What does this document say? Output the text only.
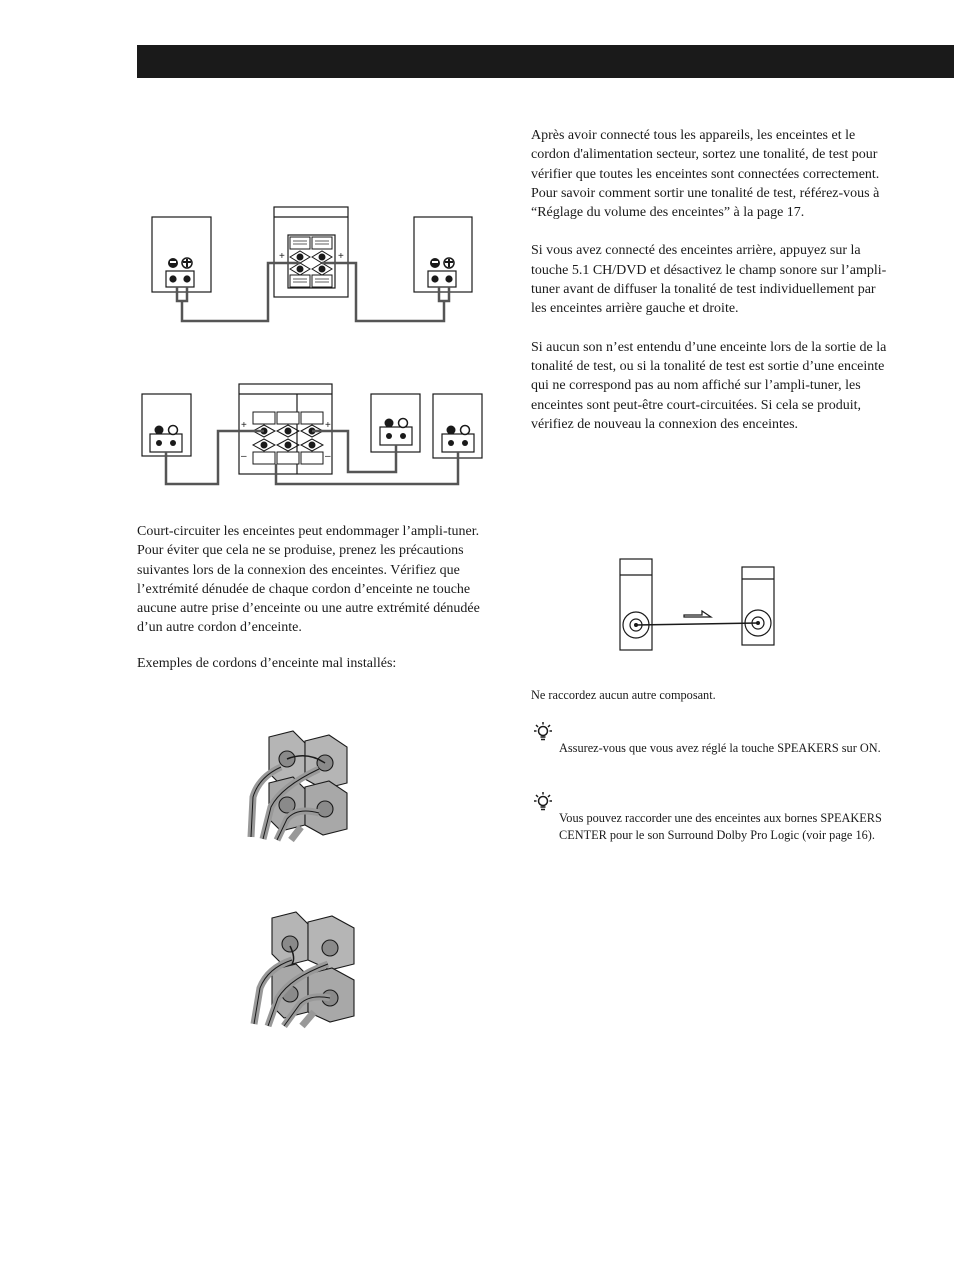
+	+
+	+
–	–

Court-circuiter les enceintes peut endommager l’ampli-tuner. Pour éviter que cela ne se produise, prenez les précautions suivantes lors de la connexion des enceintes. Vérifiez que l’extrémité dénudée de chaque cordon d’enceinte ne touche aucune autre prise d’enceinte ou une autre extrémité dénudée d’un autre cordon d’enceinte.

Exemples de cordons d’enceinte mal installés:

Après avoir connecté tous les appareils, les enceintes et le cordon d'alimentation secteur, sortez une tonalité, de test pour vérifier que toutes les enceintes sont connectées correctement. Pour savoir comment sortir une tonalité de test, référez-vous à “Réglage du volume des enceintes” à la page 17.

Si vous avez connecté des enceintes arrière, appuyez sur la touche 5.1 CH/DVD et désactivez le champ sonore sur l’ampli-tuner avant de diffuser la tonalité de test individuellement par les enceintes arrière gauche et droite.

Si aucun son n’est entendu d’une enceinte lors de la sortie de la tonalité de test, ou si la tonalité de test est sortie d’une enceinte qui ne correspond pas au nom affiché sur l’ampli-tuner, les enceintes sont peut-être court-circuitées. Si cela se produit, vérifiez de nouveau la connexion des enceintes.

Ne raccordez aucun autre composant.

Assurez-vous que vous avez réglé la touche SPEAKERS sur ON.

Vous pouvez raccorder une des enceintes aux bornes SPEAKERS CENTER pour le son Surround Dolby Pro Logic (voir page 16).
